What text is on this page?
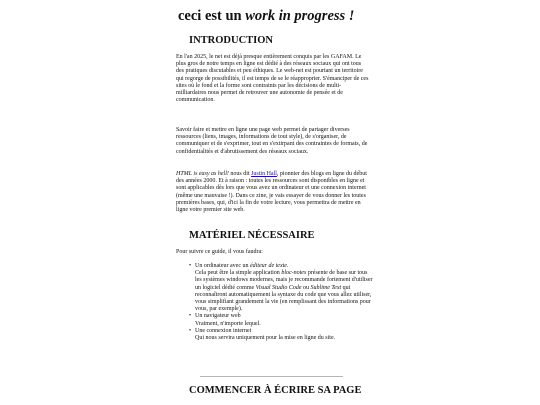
ceci est un work in progress !
INTRODUCTION

En l'an 2025, le net est déjà presque entièrement conquis par les GAFAM. Le plus gros de notre temps en ligne est dédié à des réseaux sociaux qui ont tous des pratiques discutables et peu éthiques. Le web-net est pourtant un territoire qui regorge de possibilités, il est temps de se le réapproprier. S'émanciper de ces sites où le fond et la forme sont contraints par les décisions de multi-milliardaires nous permet de retrouver une autonomie de pensée et de communication.

Savoir faire et mettre en ligne une page web permet de partager diverses ressources (liens, images, informations de tout style), de s'organiser, de communiquer et de s'exprimer, tout en s'extirpant des contraintes de formats, de confidentialités et d'abrutissement des réseaux sociaux.

HTML is easy as hell! nous dit Justin Hall, pionnier des blogs en ligne du début des années 2000. Et à raison : toutes les ressources sont disponibles en ligne et sont applicables dès lors que vous avez un ordinateur et une connexion internet (même une mauvaise !). Dans ce zine, je vais essayer de vous donner les toutes premières bases, qui, d'ici la fin de votre lecture, vous permettra de mettre en ligne votre premier site web.

MATÉRIEL NÉCESSAIRE

Pour suivre ce guide, il vous faudra:

• Un ordinateur avec un éditeur de texte.
Cela peut être la simple application bloc-notes présente de base sur tous les systèmes windows modernes, mais je recommande fortement d'utiliser un logiciel dédié comme Visual Studio Code ou Sublime Text qui reconnaîtront automatiquement la syntaxe du code que vous allez utiliser, vous simplifiant grandement la vie (en remplissant des informations pour vous, par exemple).
• Un navigateur web
Vraiment, n'importe lequel.
• Une connexion internet
Qui nous servira uniquement pour la mise en ligne du site.
COMMENCER À ÉCRIRE SA PAGE
